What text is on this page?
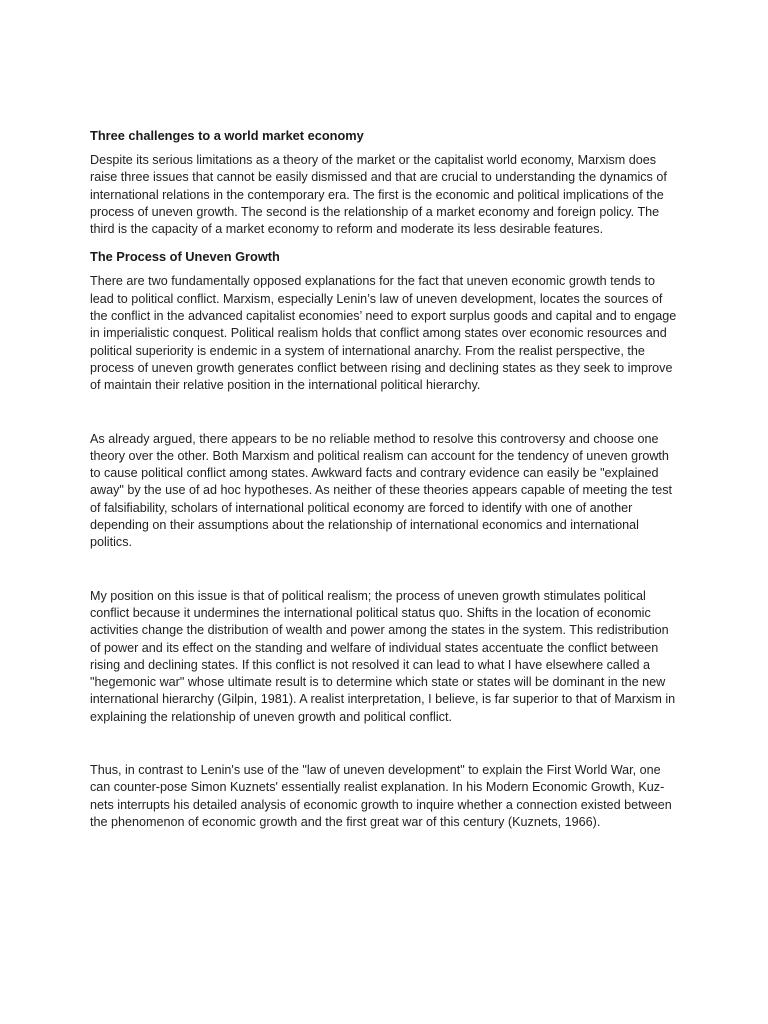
Three challenges to a world market economy

Despite its serious limitations as a theory of the market or the capitalist world economy, Marxism does raise three issues that cannot be easily dismissed and that are crucial to understanding the dynamics of international relations in the contemporary era. The first is the economic and political implications of the process of uneven growth. The second is the relationship of a market economy and foreign policy. The third is the capacity of a market economy to reform and moderate its less desirable features.

The Process of Uneven Growth

There are two fundamentally opposed explanations for the fact that uneven economic growth tends to lead to political conflict. Marxism, especially Lenin’s law of uneven development, locates the sources of the conflict in the advanced capitalist economies’ need to export surplus goods and capital and to engage in imperialistic conquest. Political realism holds that conflict among states over economic resources and political superiority is endemic in a system of international anarchy. From the realist perspective, the process of uneven growth generates conflict between rising and declining states as they seek to improve of maintain their relative position in the international political hierarchy.

As already argued, there appears to be no reliable method to resolve this controversy and choose one theory over the other. Both Marxism and political realism can account for the tendency of uneven growth to cause political conflict among states. Awkward facts and contrary evidence can easily be "explained away" by the use of ad hoc hypotheses. As neither of these theories appears capable of meeting the test of falsifiability, scholars of international political economy are forced to identify with one of another depending on their assumptions about the relationship of international economics and international politics.

My position on this issue is that of political realism; the process of uneven growth stimulates political conflict because it undermines the international political status quo. Shifts in the location of economic activities change the distribution of wealth and power among the states in the system. This redistribution of power and its effect on the standing and welfare of individual states accentuate the conflict between rising and declining states. If this conflict is not resolved it can lead to what I have elsewhere called a "hegemonic war" whose ultimate result is to determine which state or states will be dominant in the new international hierarchy (Gilpin, 1981). A realist interpretation, I believe, is far superior to that of Marxism in explaining the relationship of uneven growth and political conflict.

Thus, in contrast to Lenin's use of the "law of uneven development" to explain the First World War, one can counter-pose Simon Kuznets' essentially realist explanation. In his Modern Economic Growth, Kuz-nets interrupts his detailed analysis of economic growth to inquire whether a connection existed between the phenomenon of economic growth and the first great war of this century (Kuznets, 1966).
